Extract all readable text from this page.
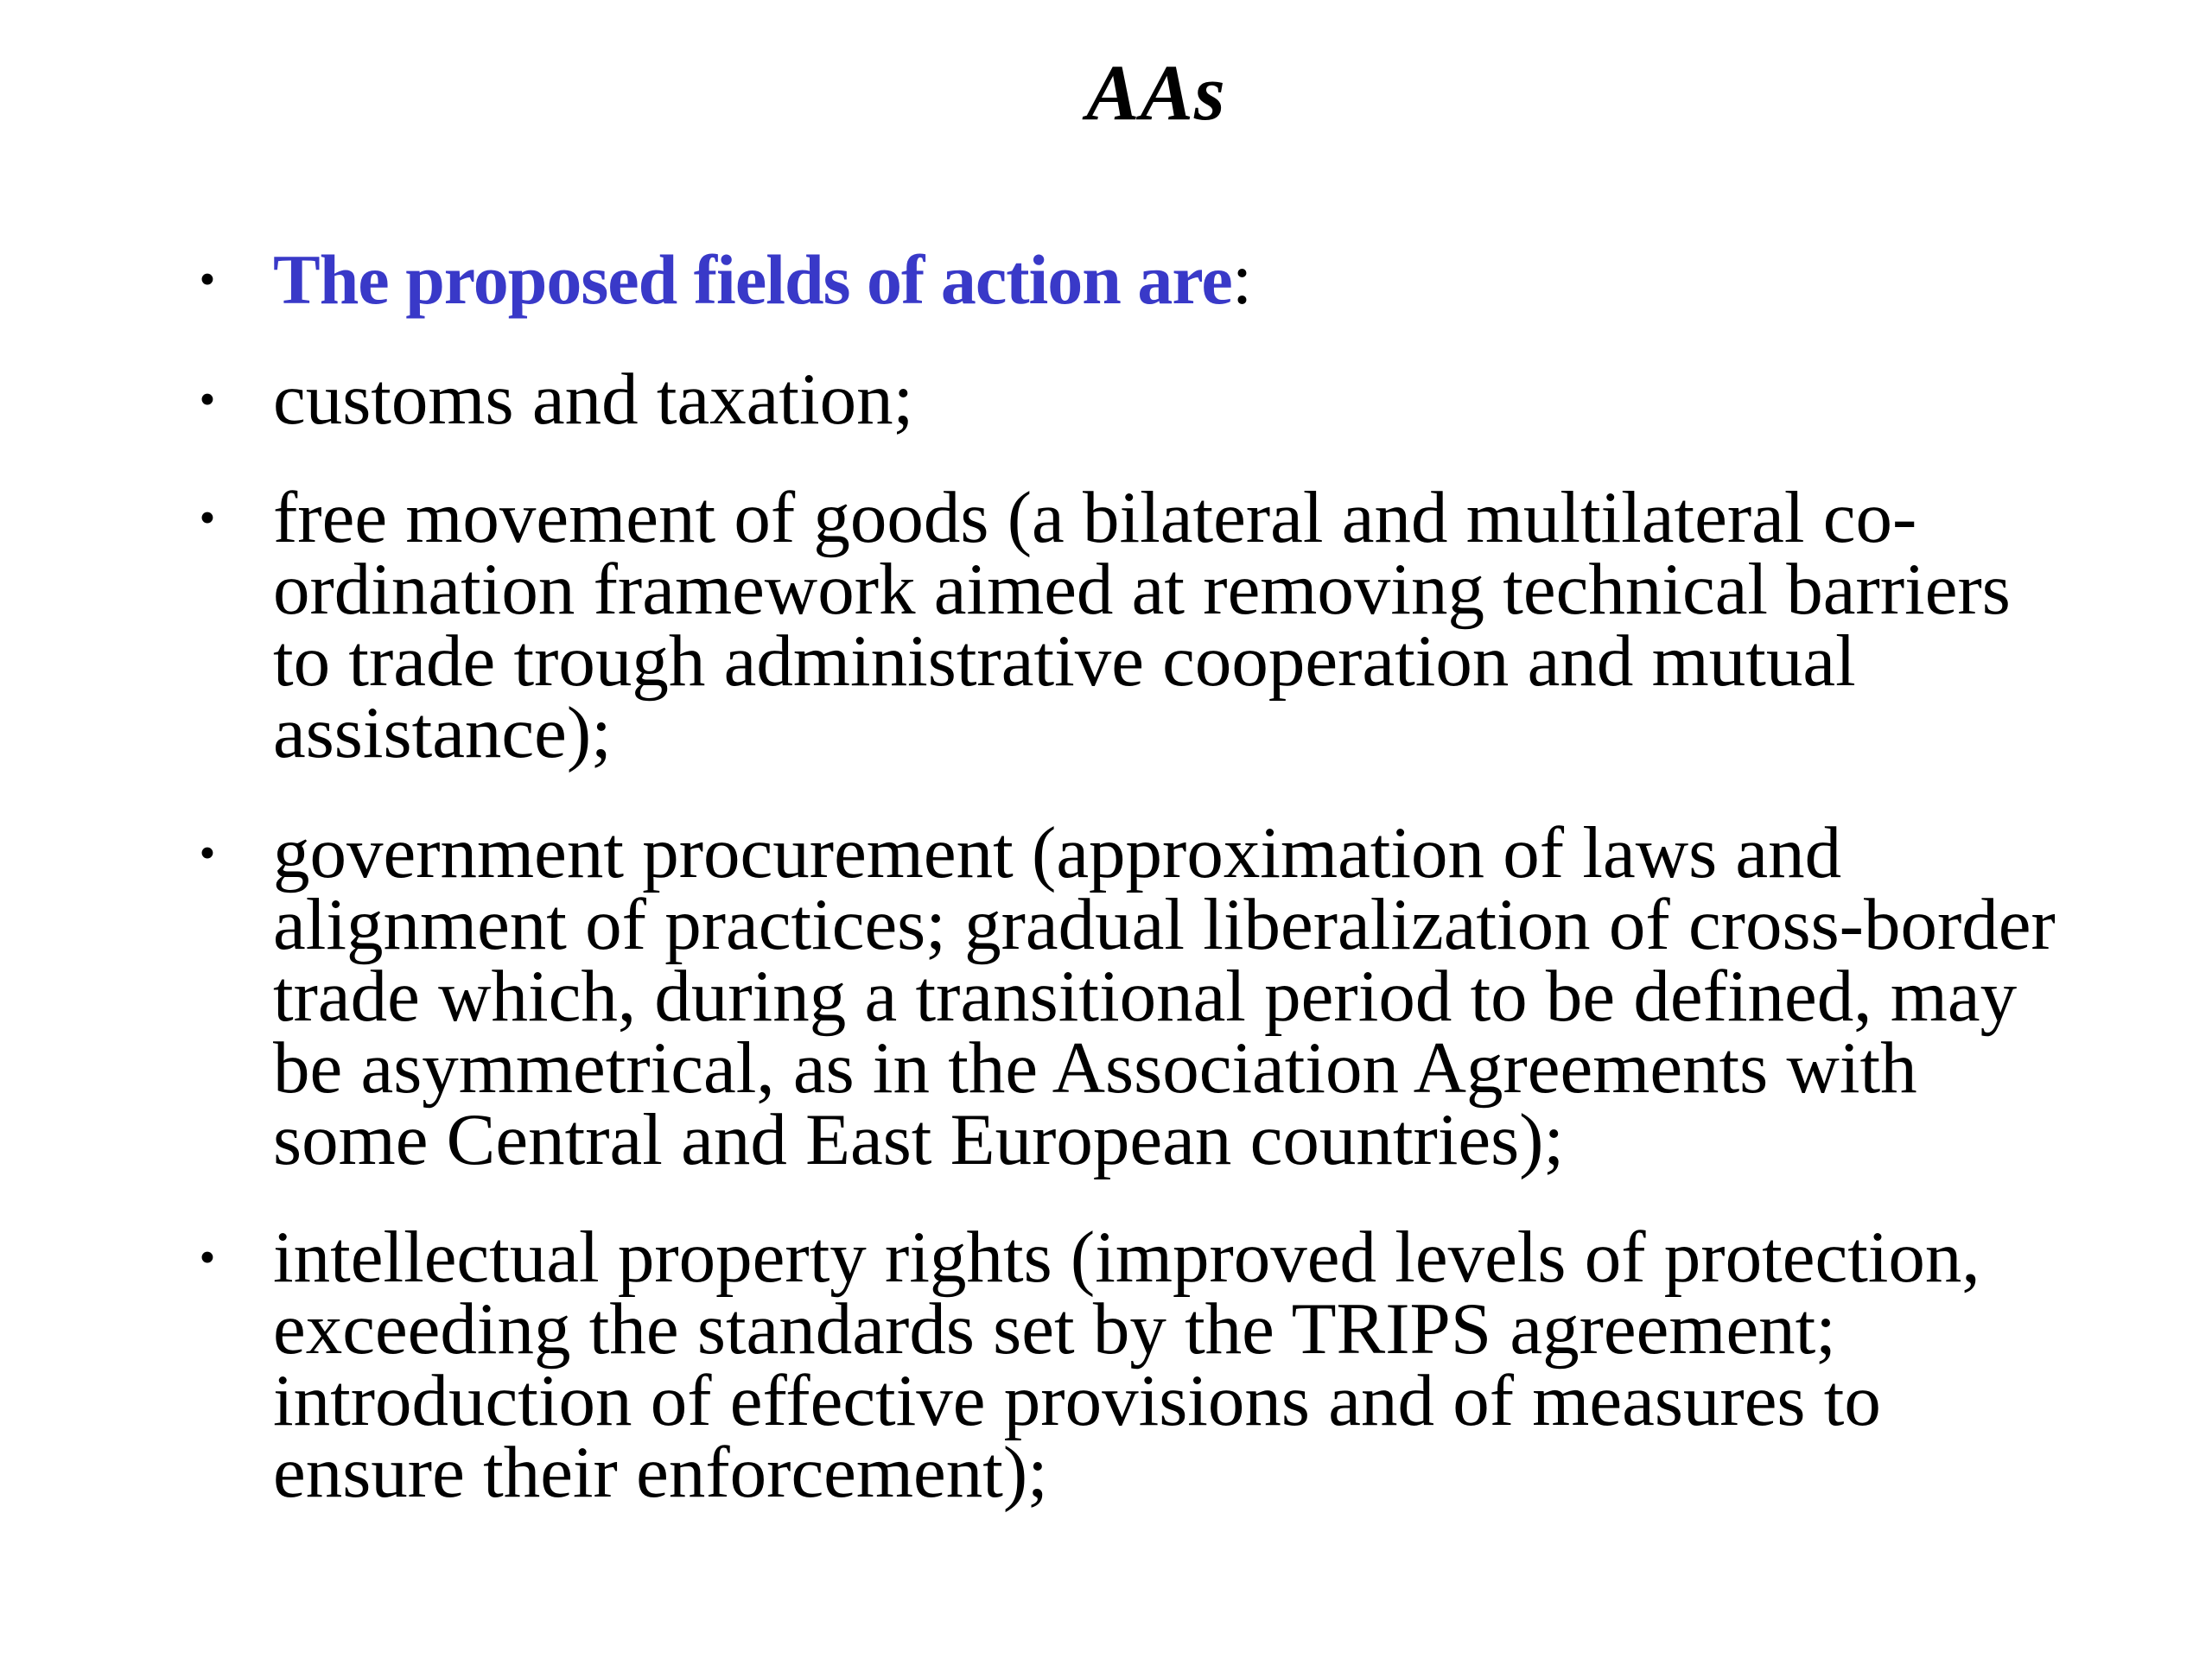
AAs
• The proposed fields of action are:
• customs and taxation;
• free movement of goods (a bilateral and multilateral co-
ordination framework aimed at removing technical barriers
to trade trough administrative cooperation and mutual
assistance);
• government procurement (approximation of laws and
alignment of practices; gradual liberalization of cross-border
trade which, during a transitional period to be defined, may
be asymmetrical, as in the Association Agreements with
some Central and East European countries);
• intellectual property rights (improved levels of protection,
exceeding the standards set by the TRIPS agreement;
introduction of effective provisions and of measures to
ensure their enforcement);
